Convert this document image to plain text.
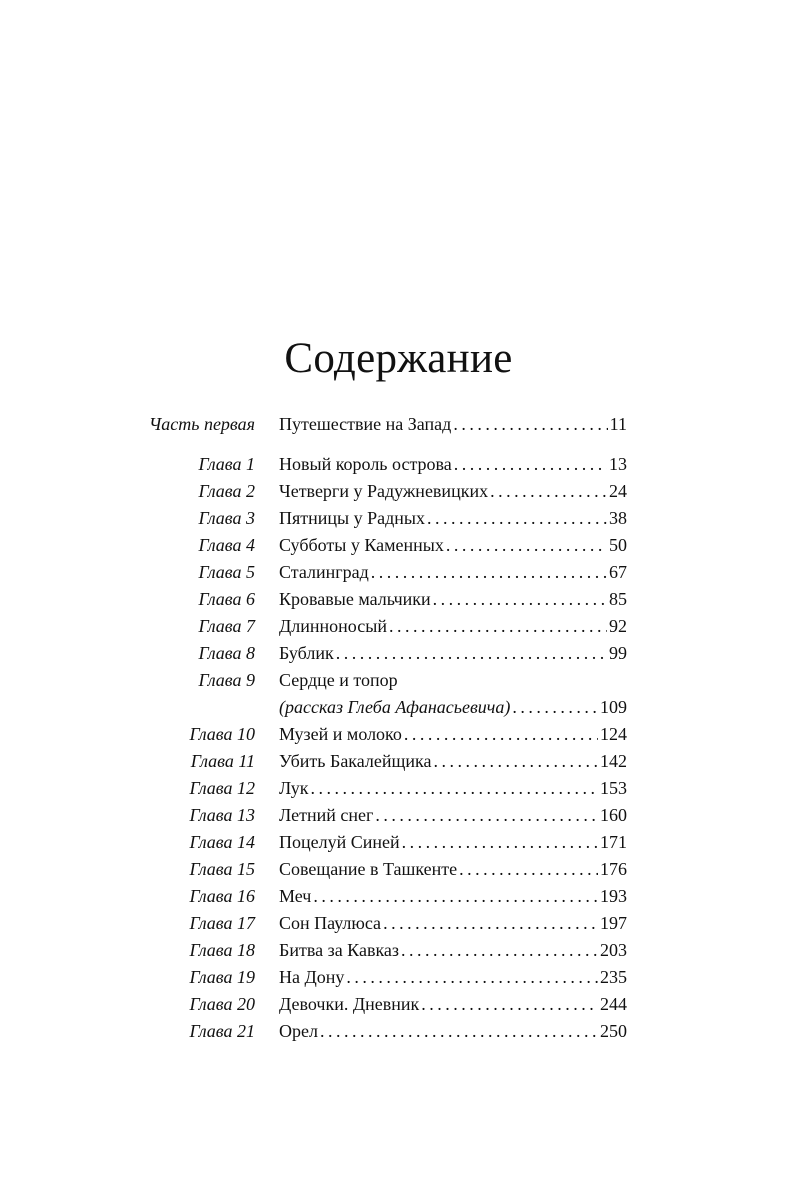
Содержание
Часть первая Путешествие на Запад . . .	11
Глава 1 Новый король острова . . .	13
Глава 2 Четверги у Радужневицких . . .	24
Глава 3 Пятницы у Радных . . .	38
Глава 4 Субботы у Каменных . . .	50
Глава 5 Сталинград . . .	67
Глава 6 Кровавые мальчики . . .	85
Глава 7 Длинноносый . . .	92
Глава 8 Бублик . . .	99
Глава 9 Сердце и топор
(рассказ Глеба Афанасьевича) . . .	109
Глава 10 Музей и молоко . . .	124
Глава 11 Убить Бакалейщика . . .	142
Глава 12 Лук . . .	153
Глава 13 Летний снег . . .	160
Глава 14 Поцелуй Синей . . .	171
Глава 15 Совещание в Ташкенте . . .	176
Глава 16 Меч . . .	193
Глава 17 Сон Паулюса . . .	197
Глава 18 Битва за Кавказ . . .	203
Глава 19 На Дону . . .	235
Глава 20 Девочки. Дневник . . .	244
Глава 21 Орел . . .	250
